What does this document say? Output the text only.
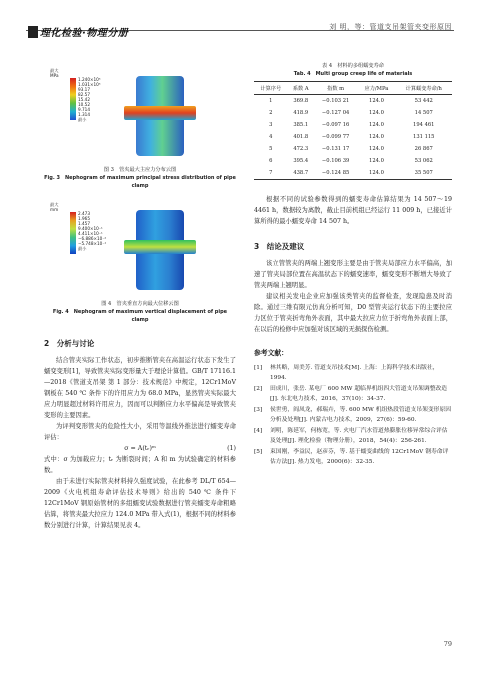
理化检验·物理分册
刘 明，等：管道支吊架管夹变形原因
最大
MPa
1.240×10⁵
1.031×10⁵
93.17
82.57
15.42
10.52
9.714
1.314
最小
图 3　管夹最大主应力分布云图
Fig. 3　Nephogram of maximum principal stress distribution of pipe clamp
最大
mm
2.473
1.965
1.457
9.400×10⁻¹
4.411×10⁻¹
−6.886×10⁻²
−5.748×10⁻¹
最小
图 4　管夹垂直方向最大位移云图
Fig. 4　Nephogram of maximum vertical displacement of pipe clamp
2　分析与讨论

结合管夹实际工作状态，初步推断管夹在高温运行状态下发生了蠕变变形[1]，导致管夹实际变形量大于理论计算值。GB/T 17116.1—2018《管道支吊架 第 1 部分：技术规范》中规定，12Cr1MoV 钢板在 540 ℃ 条件下的许用应力为 68.0 MPa，显然管夹实际最大应力明显超过材料许用应力，因而可以判断应力水平偏高是导致管夹变形的主要因素。

为评判变形管夹的危险性大小，采用等温线外推法进行蠕变寿命评估：

σ = A(tᵣ)ᵐ	(1)

式中：σ 为加载应力；tᵣ 为断裂时间；A 和 m 为试验确定的材料参数。

由于未进行实际管夹材料持久强度试验，在此参考 DL/T 654—2009《火电机组寿命评估技术导则》给出的 540 ℃ 条件下 12Cr1MoV 钢原始管材的多组蠕变试验数据进行管夹蠕变寿命粗略估算，将管夹最大拉应力 124.0 MPa 带入式(1)，根据不同的材料参数分别进行计算，计算结果见表 4。

表 4　材料的多组蠕变寿命
Tab. 4　Multi group creep life of materials
计算序号	系数 A	指数 m	应力/MPa	计算蠕变寿命/h
1	369.8	−0.103 21	124.0	53 442
2	418.9	−0.127 04	124.0	14 507
3	385.1	−0.097 16	124.0	194 461
4	401.8	−0.099 77	124.0	131 115
5	472.3	−0.131 17	124.0	26 867
6	395.4	−0.106 39	124.0	53 062
7	438.7	−0.124 85	124.0	35 507

根据不同的试验参数得到的蠕变寿命估算结果为 14 507～19 4461 h，数据较为离散，截止目前机组已经运行 11 009 h，已接近计算所得的最小蠕变寿命 14 507 h。

3　结论及建议

该立管管夹的两端上翘变形主要是由于管夹局部应力水平偏高，加速了管夹局部位置在高温状态下的蠕变速率，蠕变变形不断增大导致了管夹两端上翘明显。

建议相关发电企业应加强该类管夹的监督检查，发现隐患及时消除。通过三维有限元仿真分析可知，D0 型管夹运行状态下的主要拉应力区位于管夹折弯角外表面，其中最大拉应力位于折弯角外表面上部，在以后的检修中应加强对该区域的无损探伤检测。

参考文献：
[1]	林其略，周美芳. 管道支吊技术[M]. 上海：上海科学技术出版社，1994.
[2]	田成川，张岳. 某电厂 600 MW 超临界机组四大管道支吊架调整改造[J]. 东北电力技术，2016，37(10)：34-37.
[3]	侯世勇，阎凤龙，郝瑞卉，等. 600 MW 机组热段管道支吊架变形原因分析及处理[J]. 内蒙古电力技术，2009，27(6)：59-60.
[4]	刘明，陈延军，何栋宽，等. 火电厂汽水管道热膨胀位移异常综合评估及处理[J]. 理化检验（物理分册），2018，54(4)：256-261.
[5]	束国刚，李益民，赵彦芬，等. 基于蠕变曲线的 12Cr1MoV 钢寿命评估方法[J]. 热力发电，2000(6)：32-35.
79
